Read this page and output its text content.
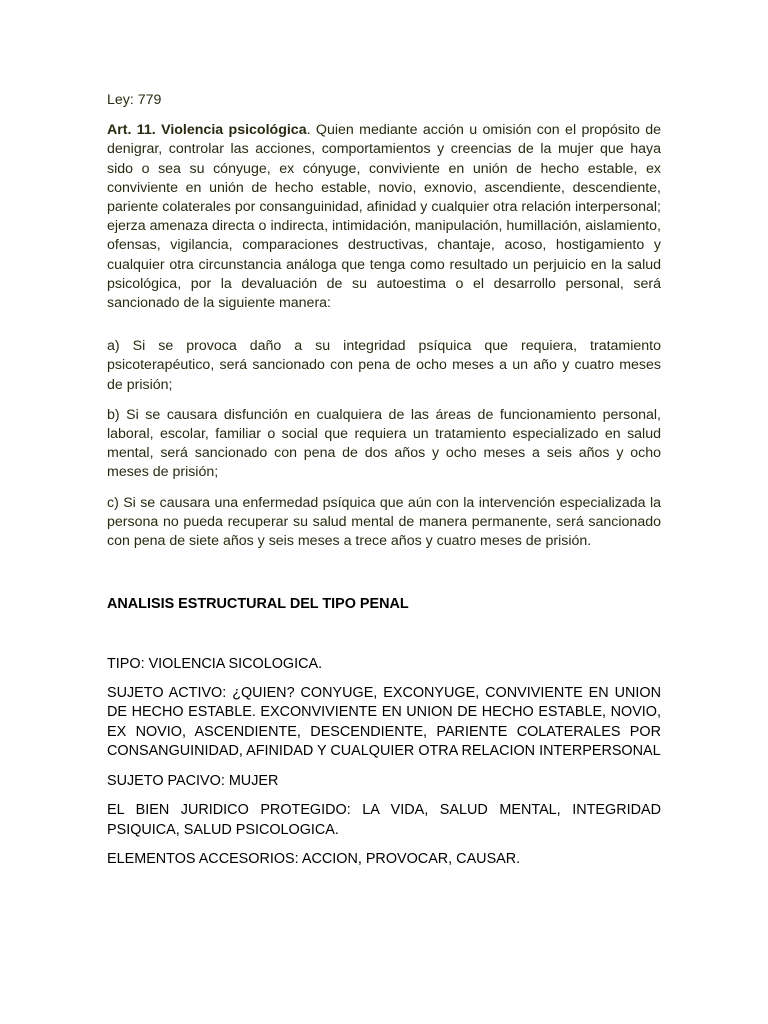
Ley: 779

Art. 11. Violencia psicológica. Quien mediante acción u omisión con el propósito de denigrar, controlar las acciones, comportamientos y creencias de la mujer que haya sido o sea su cónyuge, ex cónyuge, conviviente en unión de hecho estable, ex conviviente en unión de hecho estable, novio, exnovio, ascendiente, descendiente, pariente colaterales por consanguinidad, afinidad y cualquier otra relación interpersonal; ejerza amenaza directa o indirecta, intimidación, manipulación, humillación, aislamiento, ofensas, vigilancia, comparaciones destructivas, chantaje, acoso, hostigamiento y cualquier otra circunstancia análoga que tenga como resultado un perjuicio en la salud psicológica, por la devaluación de su autoestima o el desarrollo personal, será sancionado de la siguiente manera:

a) Si se provoca daño a su integridad psíquica que requiera, tratamiento psicoterapéutico, será sancionado con pena de ocho meses a un año y cuatro meses de prisión;

b) Si se causara disfunción en cualquiera de las áreas de funcionamiento personal, laboral, escolar, familiar o social que requiera un tratamiento especializado en salud mental, será sancionado con pena de dos años y ocho meses a seis años y ocho meses de prisión;

c) Si se causara una enfermedad psíquica que aún con la intervención especializada la persona no pueda recuperar su salud mental de manera permanente, será sancionado con pena de siete años y seis meses a trece años y cuatro meses de prisión.

ANALISIS ESTRUCTURAL DEL TIPO PENAL

TIPO: VIOLENCIA SICOLOGICA.

SUJETO ACTIVO: ¿QUIEN? CONYUGE, EXCONYUGE, CONVIVIENTE EN UNION DE HECHO ESTABLE. EXCONVIVIENTE EN UNION DE HECHO ESTABLE, NOVIO, EX NOVIO, ASCENDIENTE, DESCENDIENTE, PARIENTE COLATERALES POR CONSANGUINIDAD, AFINIDAD Y CUALQUIER OTRA RELACION INTERPERSONAL

SUJETO PACIVO: MUJER

EL BIEN JURIDICO PROTEGIDO: LA VIDA, SALUD MENTAL, INTEGRIDAD PSIQUICA, SALUD PSICOLOGICA.

ELEMENTOS ACCESORIOS: ACCION, PROVOCAR, CAUSAR.
